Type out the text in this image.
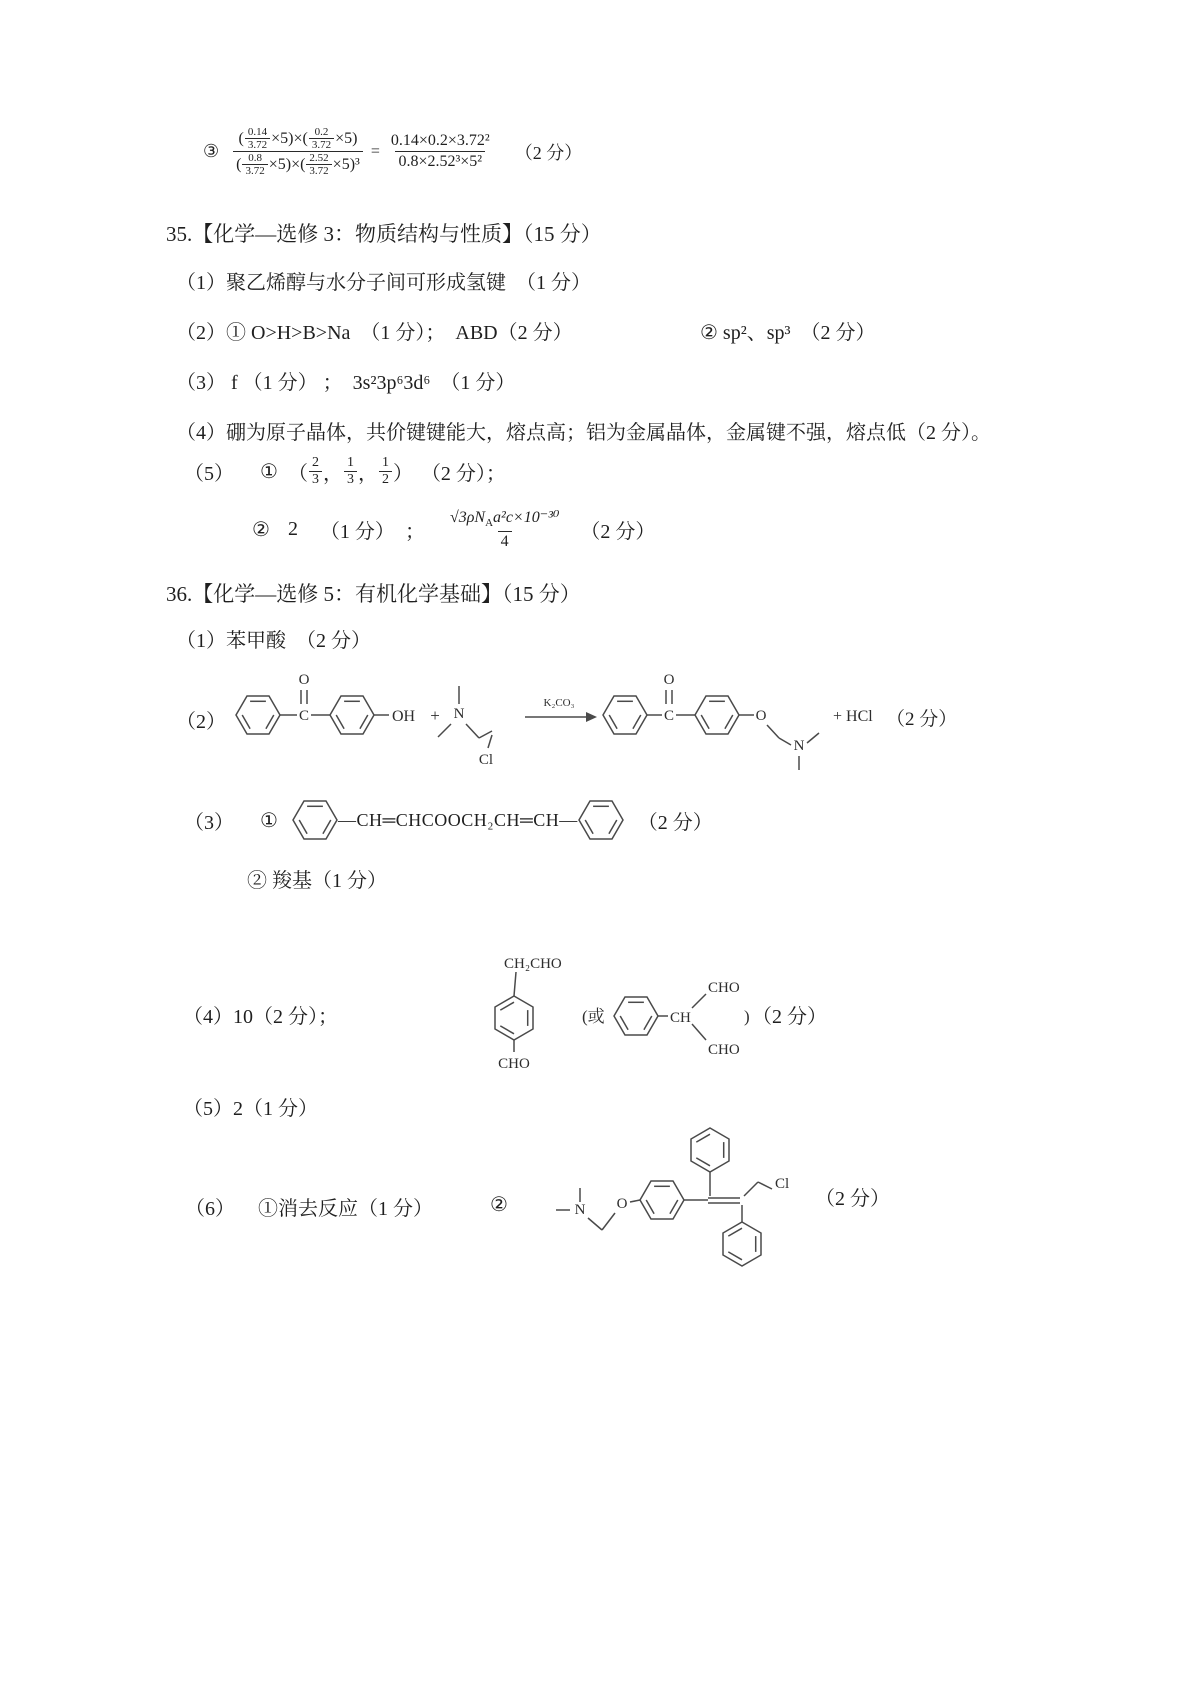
③
( $\frac{0.14}{3.72} \times 5)\times( \frac{0.2}{3.72} \times 5)$
( $\frac{0.8}{3.72} \times 5)\times( \frac{2.52}{3.72} \times 5)^3$
= $\frac{\text{0.14×0.2×3.72²}}{\text{0.8×2.52³×5²}} (2$ 分）
35.【化学—选修 3：物质结构与性质】（15 分）
（1）聚乙烯醇与水分子间可形成氢键　（1 分）
（2）① O>H>B>Na　（1 分）；　ABD（2 分）	② sp²、sp³　（2 分）
（3） f （1 分） ；　3s²3p⁶3d⁶　（1 分）
（4）硼为原子晶体，共价键键能大，熔点高；铝为金属晶体，金属键不强，熔点低（2 分）。
（5） ① （ $\frac{2}{3}$ ， $\frac{1}{3}$ ， $\frac{1}{2}$ ） （2 分）；
② 2 （1 分） ； $\frac{√3\rho N_Aa^2c\times 10^{-30}}{4} (2$ 分）
36.【化学—选修 5：有机化学基础】（15 分）
（1）苯甲酸　（2 分）
（2）
O
C	OH + N
Cl
K₂CO₃
O
C	O
N
+ HCl （2 分）
（3） ①	—CH═CHCOOCH₂CH═CH—	（2 分）
② 羧基（1 分）
（4）10（2 分）；
CH₂CHO
CHO
(或	CH
CHO
CHO
) （2 分）
（5）2（1 分）
（6） ①消去反应（1 分）	②	N O
Cl
（2 分）
